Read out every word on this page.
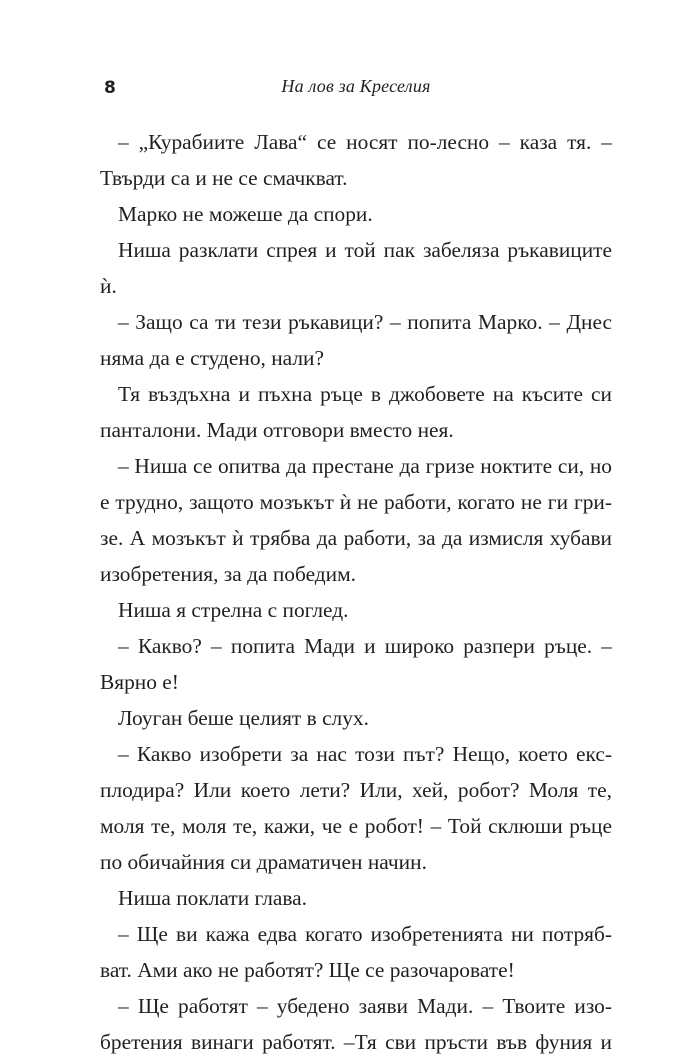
8	На лов за Креселия
– „Курабиите Лава“ се носят по-лесно – каза тя. –
Твърди са и не се смачкват.
Марко не можеше да спори.
Ниша разклати спрея и той пак забеляза ръкавиците
ѝ.
– Защо са ти тези ръкавици? – попита Марко. – Днес
няма да е студено, нали?
Тя въздъхна и пъхна ръце в джобовете на късите си
панталони. Мади отговори вместо нея.
– Ниша се опитва да престане да гризе ноктите си, но
е трудно, защото мозъкът ѝ не работи, когато не ги гри-
зе. А мозъкът ѝ трябва да работи, за да измисля хубави
изобретения, за да победим.
Ниша я стрелна с поглед.
– Какво? – попита Мади и широко разпери ръце. –
Вярно е!
Лоуган беше целият в слух.
– Какво изобрети за нас този път? Нещо, което екс-
плодира? Или което лети? Или, хей, робот? Моля те,
моля те, моля те, кажи, че е робот! – Той склюши ръце
по обичайния си драматичен начин.
Ниша поклати глава.
– Ще ви кажа едва когато изобретенията ни потряб-
ват. Ами ако не работят? Ще се разочаровате!
– Ще работят – убедено заяви Мади. – Твоите изо-
бретения винаги работят. –Тя сви пръсти във фуния и
